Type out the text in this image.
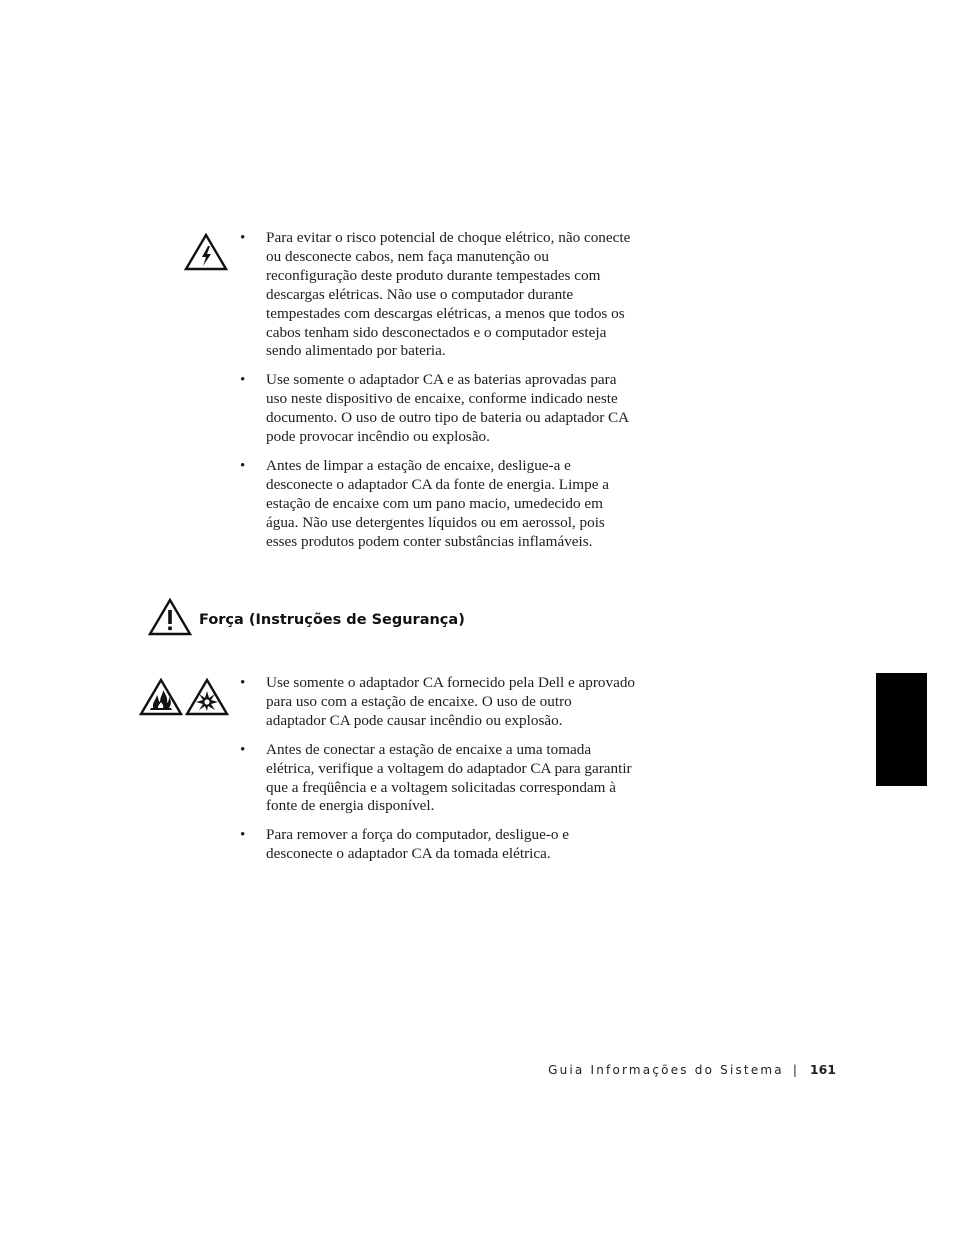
•	Para evitar o risco potencial de choque elétrico, não conecte ou desconecte cabos, nem faça manutenção ou reconfiguração deste produto durante tempestades com descargas elétricas. Não use o computador durante tempestades com descargas elétricas, a menos que todos os cabos tenham sido desconectados e o computador esteja sendo alimentado por bateria.
•	Use somente o adaptador CA e as baterias aprovadas para uso neste dispositivo de encaixe, conforme indicado neste documento. O uso de outro tipo de bateria ou adaptador CA pode provocar incêndio ou explosão.
•	Antes de limpar a estação de encaixe, desligue-a e desconecte o adaptador CA da fonte de energia. Limpe a estação de encaixe com um pano macio, umedecido em água. Não use detergentes líquidos ou em aerossol, pois esses produtos podem conter substâncias inflamáveis.
Força (Instruções de Segurança)
•	Use somente o adaptador CA fornecido pela Dell e aprovado para uso com a estação de encaixe. O uso de outro adaptador CA pode causar incêndio ou explosão.
•	Antes de conectar a estação de encaixe a uma tomada elétrica, verifique a voltagem do adaptador CA para garantir que a freqüência e a voltagem solicitadas correspondam à fonte de energia disponível.
•	Para remover a força do computador, desligue-o e desconecte o adaptador CA da tomada elétrica.
Guia Informações do Sistema | 161
